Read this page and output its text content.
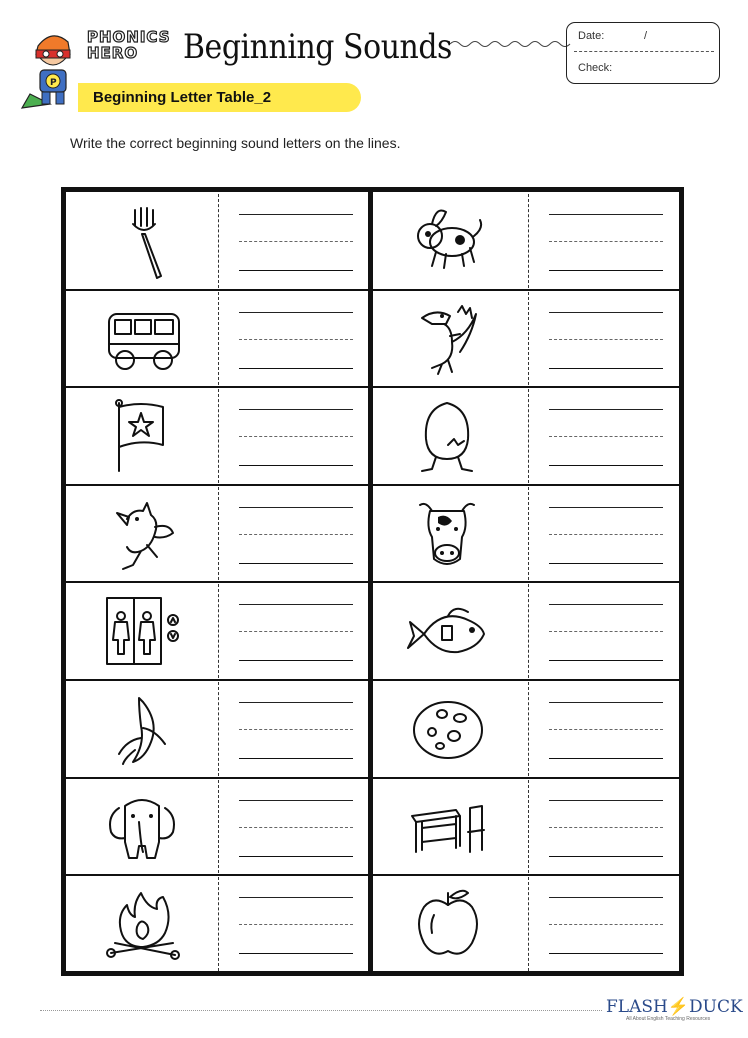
P
PHONICS
HERO Beginning Sounds	Date:	/
Check:
Beginning Letter Table_2
Write the correct beginning sound letters on the lines.
FLASH⚡DUCK
All About English Teaching Resources
